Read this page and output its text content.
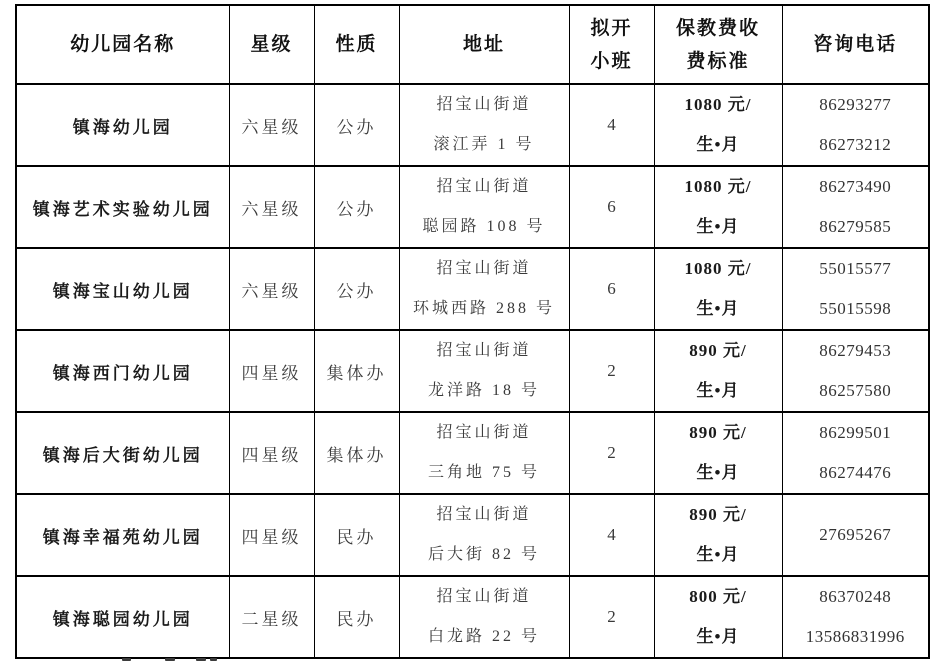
幼儿园名称	星级	性质	地址	拟开
小班	保教费收
费标准	咨询电话

镇海幼儿园	六星级	公办	招宝山街道
滚江弄 1 号	4	1080 元/
生•月	86293277
86273212

镇海艺术实验幼儿园	六星级	公办	招宝山街道
聪园路 108 号	6	1080 元/
生•月	86273490
86279585

镇海宝山幼儿园	六星级	公办	招宝山街道
环城西路 288 号	6	1080 元/
生•月	55015577
55015598

镇海西门幼儿园	四星级	集体办	招宝山街道
龙洋路 18 号	2	890 元/
生•月	86279453
86257580

镇海后大街幼儿园	四星级	集体办	招宝山街道
三角地 75 号	2	890 元/
生•月	86299501
86274476

镇海幸福苑幼儿园	四星级	民办	招宝山街道
后大街 82 号	4	890 元/
生•月	27695267

镇海聪园幼儿园	二星级	民办	招宝山街道
白龙路 22 号	2	800 元/
生•月	86370248
13586831996
